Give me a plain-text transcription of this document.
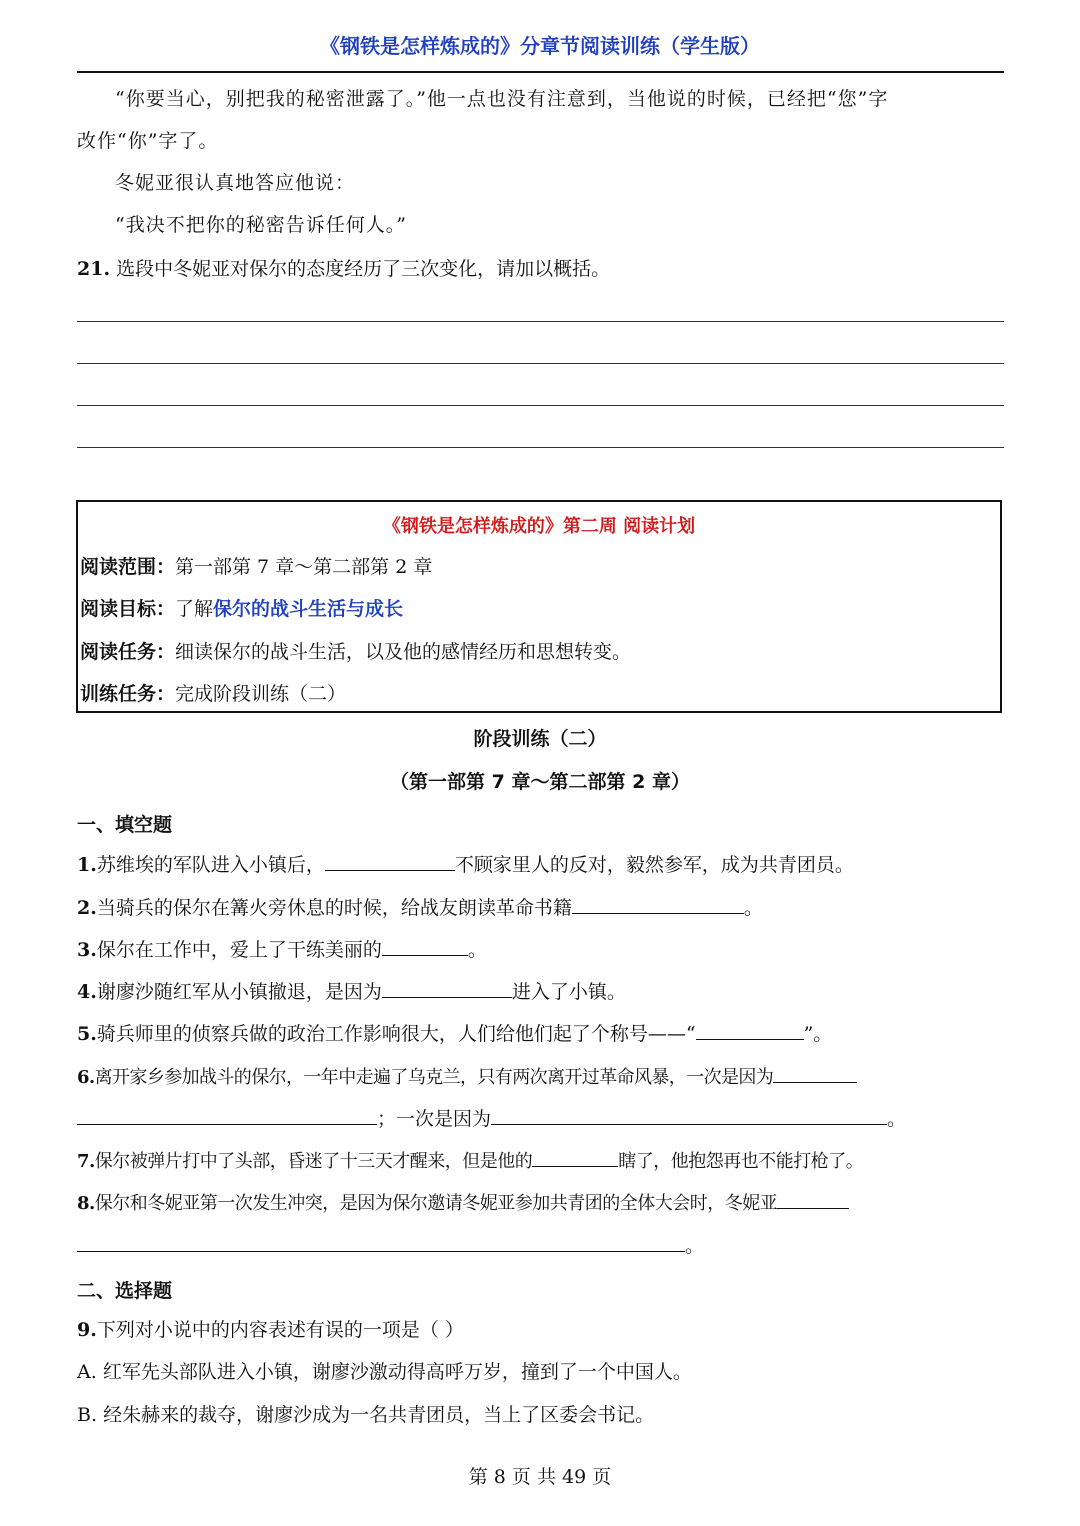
《钢铁是怎样炼成的》分章节阅读训练（学生版）
“你要当心，别把我的秘密泄露了。”他一点也没有注意到，当他说的时候，已经把“您”字
改作“你”字了。
冬妮亚很认真地答应他说：
“我决不把你的秘密告诉任何人。”
21. 选段中冬妮亚对保尔的态度经历了三次变化，请加以概括。
《钢铁是怎样炼成的》第二周 阅读计划
阅读范围：第一部第 7 章～第二部第 2 章
阅读目标：了解保尔的战斗生活与成长
阅读任务：细读保尔的战斗生活，以及他的感情经历和思想转变。
训练任务：完成阶段训练（二）
阶段训练（二）
（第一部第 7 章～第二部第 2 章）
一、填空题
1.苏维埃的军队进入小镇后，	不顾家里人的反对，毅然参军，成为共青团员。
2.当骑兵的保尔在篝火旁休息的时候，给战友朗读革命书籍	。
3.保尔在工作中，爱上了干练美丽的	。
4.谢廖沙随红军从小镇撤退，是因为	进入了小镇。
5.骑兵师里的侦察兵做的政治工作影响很大，人们给他们起了个称号——“	”。
6.离开家乡参加战斗的保尔，一年中走遍了乌克兰，只有两次离开过革命风暴，一次是因为
；一次是因为	。
7.保尔被弹片打中了头部，昏迷了十三天才醒来，但是他的	瞎了，他抱怨再也不能打枪了。
8.保尔和冬妮亚第一次发生冲突，是因为保尔邀请冬妮亚参加共青团的全体大会时，冬妮亚
。
二、选择题
9.下列对小说中的内容表述有误的一项是（ ）
A. 红军先头部队进入小镇，谢廖沙激动得高呼万岁，撞到了一个中国人。
B. 经朱赫来的裁夺，谢廖沙成为一名共青团员，当上了区委会书记。
第 8 页 共 49 页
